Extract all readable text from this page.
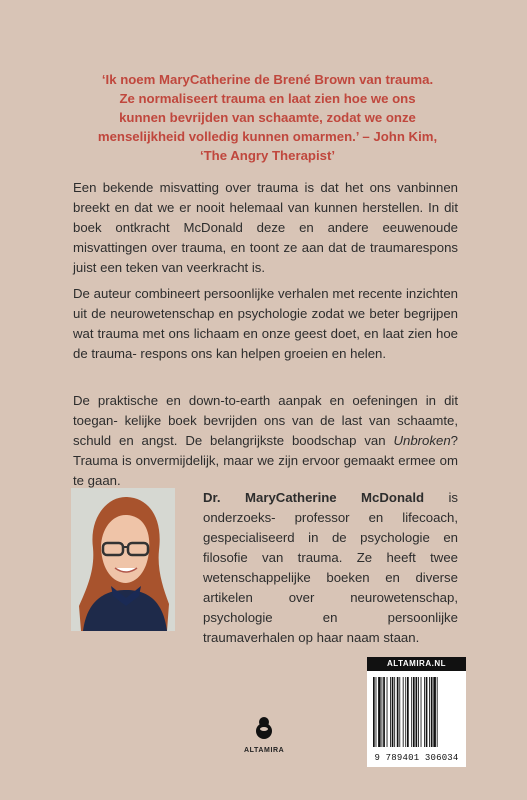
‘Ik noem MaryCatherine de Brené Brown van trauma. Ze normaliseert trauma en laat zien hoe we ons kunnen bevrijden van schaamte, zodat we onze menselijkheid volledig kunnen omarmen.’ – John Kim, ‘The Angry Therapist’
Een bekende misvatting over trauma is dat het ons vanbinnen breekt en dat we er nooit helemaal van kunnen herstellen. In dit boek ontkracht McDonald deze en andere eeuwenoude misvattingen over trauma, en toont ze aan dat de traumarespons juist een teken van veerkracht is.
De auteur combineert persoonlijke verhalen met recente inzichten uit de neurowetenschap en psychologie zodat we beter begrijpen wat trauma met ons lichaam en onze geest doet, en laat zien hoe de trauma- respons ons kan helpen groeien en helen.
De praktische en down-to-earth aanpak en oefeningen in dit toegan- kelijke boek bevrijden ons van de last van schaamte, schuld en angst. De belangrijkste boodschap van Unbroken? Trauma is onvermijdelijk, maar we zijn ervoor gemaakt ermee om te gaan.
Dr. MaryCatherine McDonald is onderzoeks- professor en lifecoach, gespecialiseerd in de psychologie en filosofie van trauma. Ze heeft twee wetenschappelijke boeken en diverse artikelen over neurowetenschap, psychologie en persoonlijke traumaverhalen op haar naam staan.
ALTAMIRA
ALTAMIRA.NL
9 789401 306034
